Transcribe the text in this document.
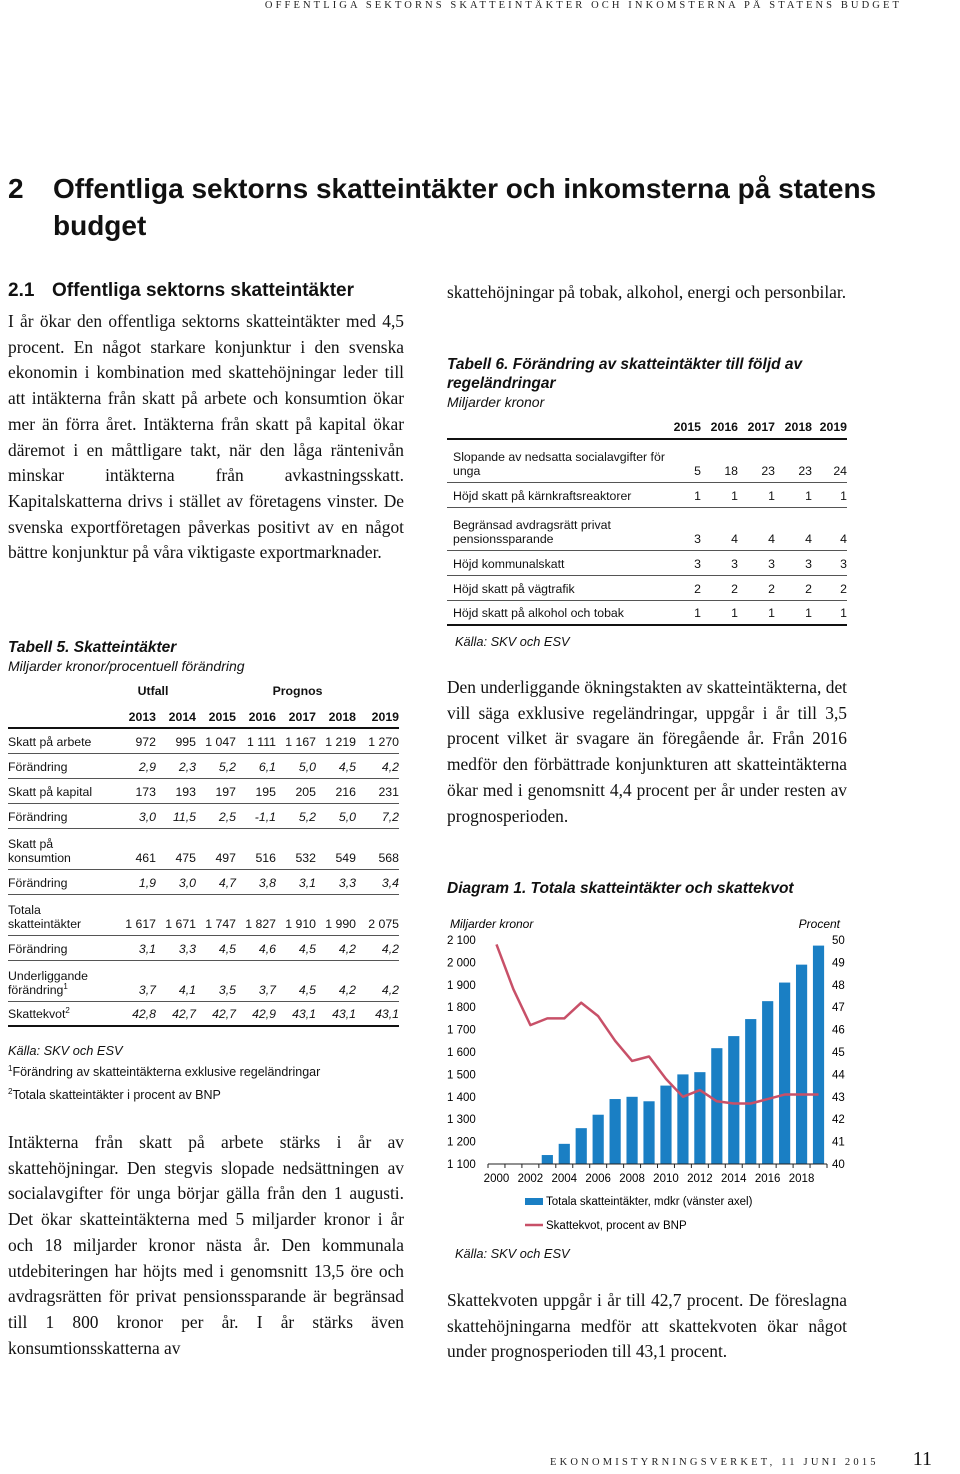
OFFENTLIGA SEKTORNS SKATTEINTÄKTER OCH INKOMSTERNA PÅ STATENS BUDGET
2 Offentliga sektorns skatteintäkter och inkomsterna på statens budget
2.1 Offentliga sektorns skatteintäkter

I år ökar den offentliga sektorns skatteintäkter med 4,5 procent. En något starkare konjunktur i den svenska ekonomin i kombination med skattehöjningar leder till att intäkterna från skatt på arbete och konsumtion ökar mer än förra året. Intäkterna från skatt på kapital ökar däremot i en måttligare takt, när den låga räntenivån minskar intäkterna från avkastningsskatt. Kapitalskatterna drivs i stället av företagens vinster. De svenska exportföretagen påverkas positivt av en något bättre konjunktur på våra viktigaste exportmarknader.

Tabell 5. Skatteintäkter
Miljarder kronor/procentuell förändring
	Utfall		Prognos				
	2013	2014	2015	2016	2017	2018	2019
Skatt på arbete	972	995	1 047	1 111	1 167	1 219	1 270
Förändring	2,9	2,3	5,2	6,1	5,0	4,5	4,2
Skatt på kapital	173	193	197	195	205	216	231
Förändring	3,0	11,5	2,5	-1,1	5,2	5,0	7,2
Skatt på konsumtion	461	475	497	516	532	549	568
Förändring	1,9	3,0	4,7	3,8	3,1	3,3	3,4
Totala skatteintäkter	1 617	1 671	1 747	1 827	1 910	1 990	2 075
Förändring	3,1	3,3	4,5	4,6	4,5	4,2	4,2
Underliggande förändring$^1$	3,7	4,1	3,5	3,7	4,5	4,2	4,2
Skattekvot$^2$	42,8	42,7	42,7	42,9	43,1	43,1	43,1
Källa: SKV och ESV
$^1$Förändring av skatteintäkterna exklusive regeländringar
$^2$Totala skatteintäkter i procent av BNP

Intäkterna från skatt på arbete stärks i år av skattehöjningar. Den stegvis slopade nedsättningen av socialavgifter för unga börjar gälla från den 1 augusti. Det ökar skatteintäkterna med 5 miljarder kronor i år och 18 miljarder kronor nästa år. Den kommunala utdebiteringen har höjts med i genomsnitt 13,5 öre och avdragsrätten för privat pensionssparande är begränsad till 1 800 kronor per år. I år stärks även konsumtionsskatterna av

skattehöjningar på tobak, alkohol, energi och personbilar.

Tabell 6. Förändring av skatteintäkter till följd av regeländringar
Miljarder kronor
	2015	2016	2017	2018	2019
Slopande av nedsatta socialavgifter för unga	5	18	23	23	24
Höjd skatt på kärnkraftsreaktorer	1	1	1	1	1
Begränsad avdragsrätt privat pensionssparande	3	4	4	4	4
Höjd kommunalskatt	3	3	3	3	3
Höjd skatt på vägtrafik	2	2	2	2	2
Höjd skatt på alkohol och tobak	1	1	1	1	1
Källa: SKV och ESV

Den underliggande ökningstakten av skatteintäkterna, det vill säga exklusive regeländringar, uppgår i år till 3,5 procent vilket är svagare än föregående år. Från 2016 medför den förbättrade konjunkturen att skatteintäkterna ökar med i genomsnitt 4,4 procent per år under resten av prognosperioden.

Diagram 1. Totala skatteintäkter och skattekvot
Miljarder kronor	Procent
1 100
1 200
1 300
1 400
1 500
1 600
1 700
1 800
1 900
2 000
2 100
40
41
42
43
44
45
46
47
48
49
50
2000 2002 2004 2006 2008 2010 2012 2014 2016 2018
Totala skatteintäkter, mdkr (vänster axel)
Skattekvot, procent av BNP
Källa: SKV och ESV

Skattekvoten uppgår i år till 42,7 procent. De föreslagna skattehöjningarna medför att skattekvoten ökar något under prognosperioden till 43,1 procent.

EKONOMISTYRNINGSVERKET, 11 JUNI 2015 11
